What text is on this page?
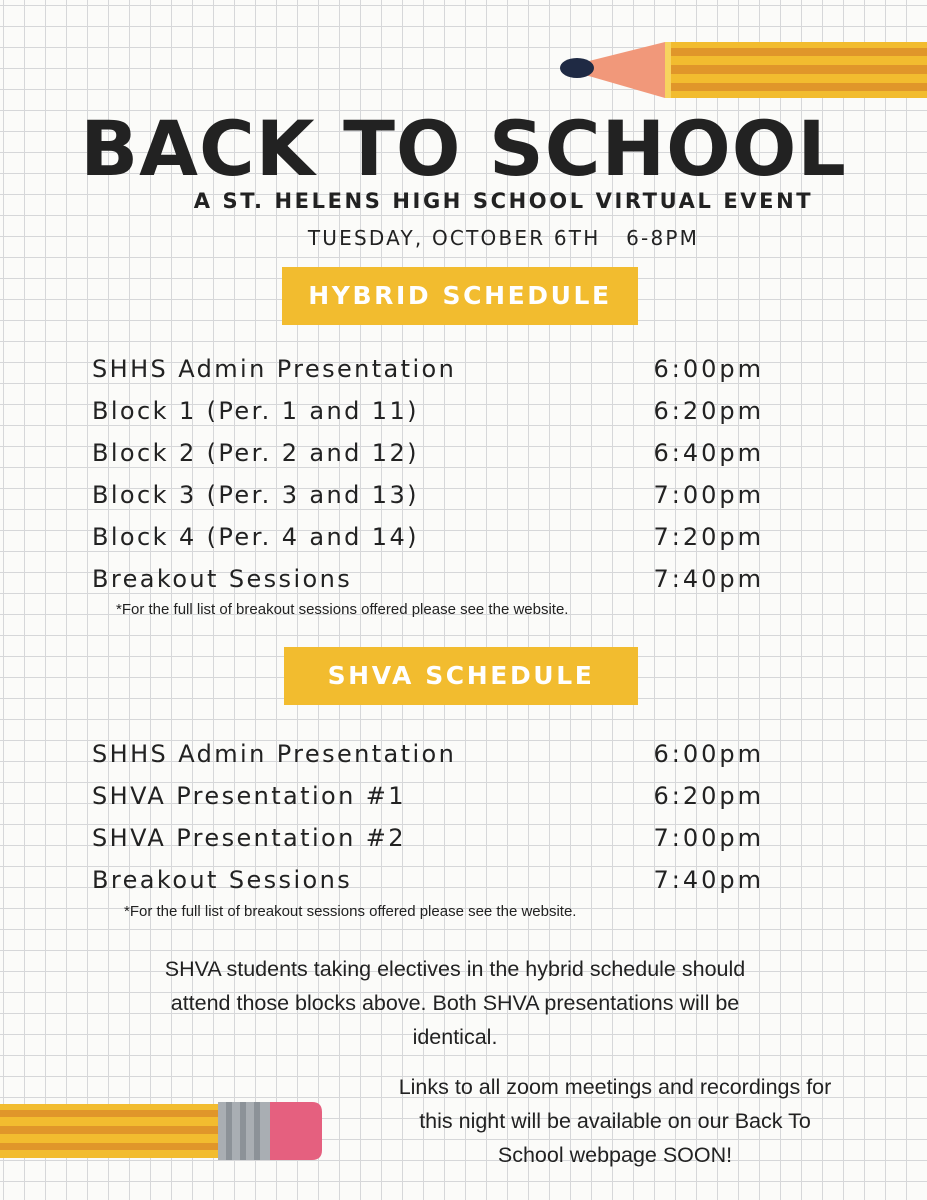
BACK TO SCHOOL
A ST. HELENS HIGH SCHOOL VIRTUAL EVENT
TUESDAY, OCTOBER 6TH 6-8PM
HYBRID SCHEDULE
SHHS Admin Presentation	6:00pm
Block 1 (Per. 1 and 11)	6:20pm
Block 2 (Per. 2 and 12)	6:40pm
Block 3 (Per. 3 and 13)	7:00pm
Block 4 (Per. 4 and 14)	7:20pm
Breakout Sessions	7:40pm
*For the full list of breakout sessions offered please see the website.
SHVA SCHEDULE
SHHS Admin Presentation	6:00pm
SHVA Presentation #1	6:20pm
SHVA Presentation #2	7:00pm
Breakout Sessions	7:40pm
*For the full list of breakout sessions offered please see the website.
SHVA students taking electives in the hybrid schedule should
attend those blocks above. Both SHVA presentations will be
identical.
Links to all zoom meetings and recordings for
this night will be available on our Back To
School webpage SOON!
